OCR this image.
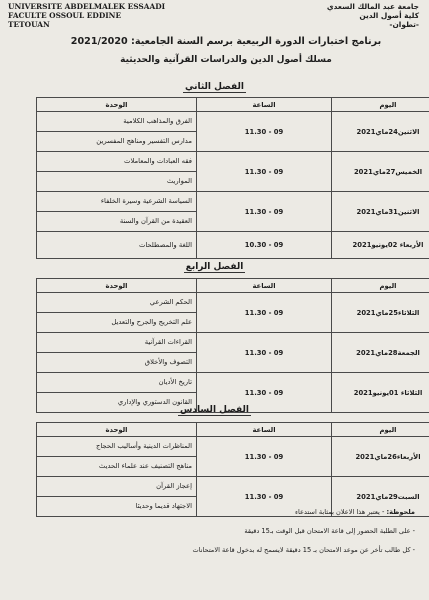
UNIVERSITE ABDELMALEK ESSAADI
FACULTE OSSOUL EDDINE
TETOUAN
جامعة عبد المالك السعدي
كلية أصول الدين
-تطوان-
برنامج اختبارات الدورة الربيعية برسم السنة الجامعية: 2021/2020
مسلك أصول الدين والدراسات القرآنية والحديثية
الفصل الثاني
اليوم	الساعة	الوحدة
الاثنين24ماي2021	09 - 11.30	الفرق والمذاهب الكلامية
مدارس التفسير ومناهج المفسرين

الخميس27ماي2021	09 - 11.30	فقه العبادات والمعاملات
المواريث

الاثنين31ماي2021	09 - 11.30	السياسة الشرعية وسيرة الخلفاء
العقيدة من القرآن والسنة

الأربعاء 02يونيو2021	09 - 10.30	اللغة والمصطلحات
الفصل الرابع
اليوم	الساعة	الوحدة
الثلاثاء25ماي2021	09 - 11.30	الحكم الشرعي
علم التخريج والجرح والتعديل

الجمعة28ماي2021	09 - 11.30	القراءات القرآنية
التصوف والأخلاق

الثلاثاء 01يونيو2021	09 - 11.30	تاريخ الأديان
القانون الدستوري والإداري
الفصل السادس
اليوم	الساعة	الوحدة
الأربعاء26ماي2021	09 - 11.30	المناظرات الدينية وأساليب الحجاج
مناهج التصنيف عند علماء الحديث

السبت29ماي2021	09 - 11.30	إعجاز القرآن
الاجتهاد قديما وحديثا
ملحوظة: - يعتبر هذا الاعلان بمثابة استدعاء
- على الطلبة الحضور إلى قاعة الامتحان قبل الوقت بـ15 دقيقة
- كل طالب تأخر عن موعد الامتحان بـ 15 دقيقة لايسمح له بدخول قاعة الامتحانات
